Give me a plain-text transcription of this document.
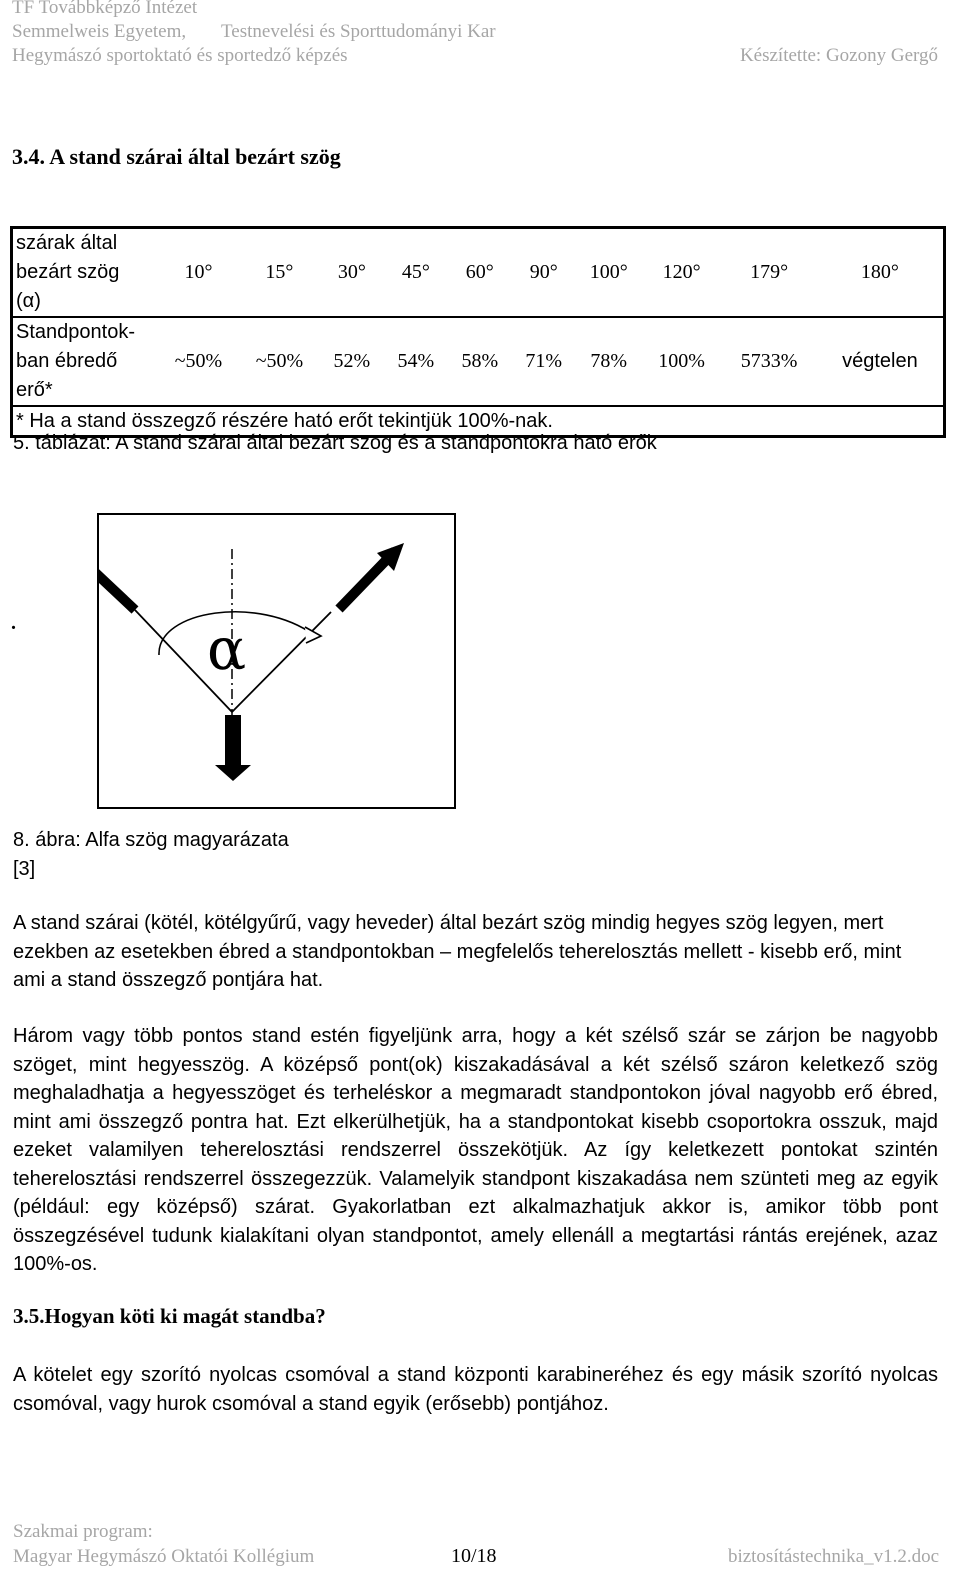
TF Továbbképző Intézet
Semmelweis Egyetem, Testnevelési és Sporttudományi Kar
Hegymászó sportoktató és sportedző képzés	Készítette: Gozony Gergő
3.4. A stand szárai által bezárt szög
szárak által
bezárt szög
(α)	10°	15°	30°	45°	60°	90°	100°	120°	179°	180°

Standpontok-
ban ébredő
erő*	~50%	~50%	52%	54%	58%	71%	78%	100%	5733%	végtelen
* Ha a stand összegző részére ható erőt tekintjük 100%-nak.										
5. táblázat: A stand szárai által bezárt szög és a standpontokra ható erők
.	α
8. ábra: Alfa szög magyarázata
[3]
A stand szárai (kötél, kötélgyűrű, vagy heveder) által bezárt szög mindig hegyes szög legyen, mert ezekben az esetekben ébred a standpontokban – megfelelős teherelosztás mellett - kisebb erő, mint ami a stand összegző pontjára hat.
Három vagy több pontos stand estén figyeljünk arra, hogy a két szélső szár se zárjon be nagyobb szöget, mint hegyesszög. A középső pont(ok) kiszakadásával a két szélső száron keletkező szög meghaladhatja a hegyesszöget és terheléskor a megmaradt standpontokon jóval nagyobb erő ébred, mint ami összegző pontra hat. Ezt elkerülhetjük, ha a standpontokat kisebb csoportokra osszuk, majd ezeket valamilyen teherelosztási rendszerrel összekötjük. Az így keletkezett pontokat szintén teherelosztási rendszerrel összegezzük. Valamelyik standpont kiszakadása nem szünteti meg az egyik (például: egy középső) szárat. Gyakorlatban ezt alkalmazhatjuk akkor is, amikor több pont összegzésével tudunk kialakítani olyan standpontot, amely ellenáll a megtartási rántás erejének, azaz 100%-os.
3.5.Hogyan köti ki magát standba?
A kötelet egy szorító nyolcas csomóval a stand központi karabineréhez és egy másik szorító nyolcas csomóval, vagy hurok csomóval a stand egyik (erősebb) pontjához.
Szakmai program:
Magyar Hegymászó Oktatói Kollégium	10/18	biztosítástechnika_v1.2.doc
